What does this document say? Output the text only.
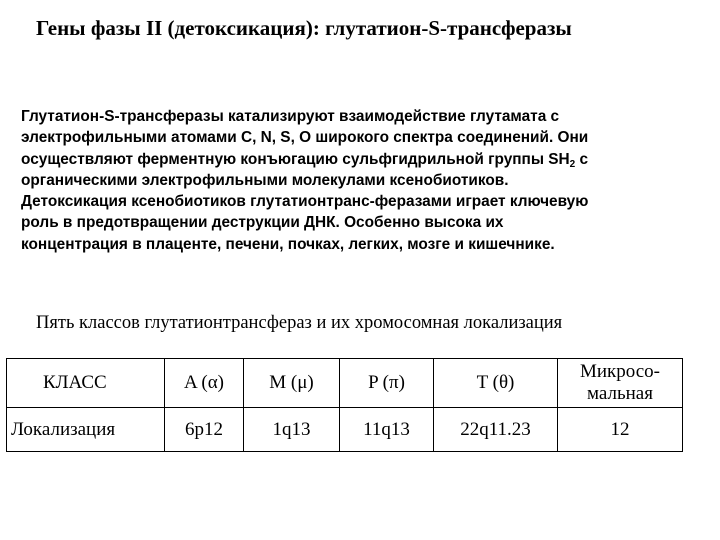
Гены фазы II (детоксикация): глутатион-S-трансферазы
Глутатион-S-трансферазы катализируют взаимодействие глутамата с
электрофильными атомами C, N, S, O широкого спектра соединений. Они
осуществляют ферментную конъюгацию сульфгидрильной группы $SH_2$ с
органическими электрофильными молекулами ксенобиотиков.
Детоксикация ксенобиотиков глутатионтранс-феразами играет ключевую
роль в предотвращении деструкции ДНК. Особенно высока их
концентрация в плаценте, печени, почках, легких, мозге и кишечнике.
Пять классов глутатионтрансфераз и их хромосомная локализация
КЛАСС	A (α)	M (μ)	P (π)	T (θ)	Микросо-
мальная

Локализация	6p12	1q13	11q13	22q11.23	12
